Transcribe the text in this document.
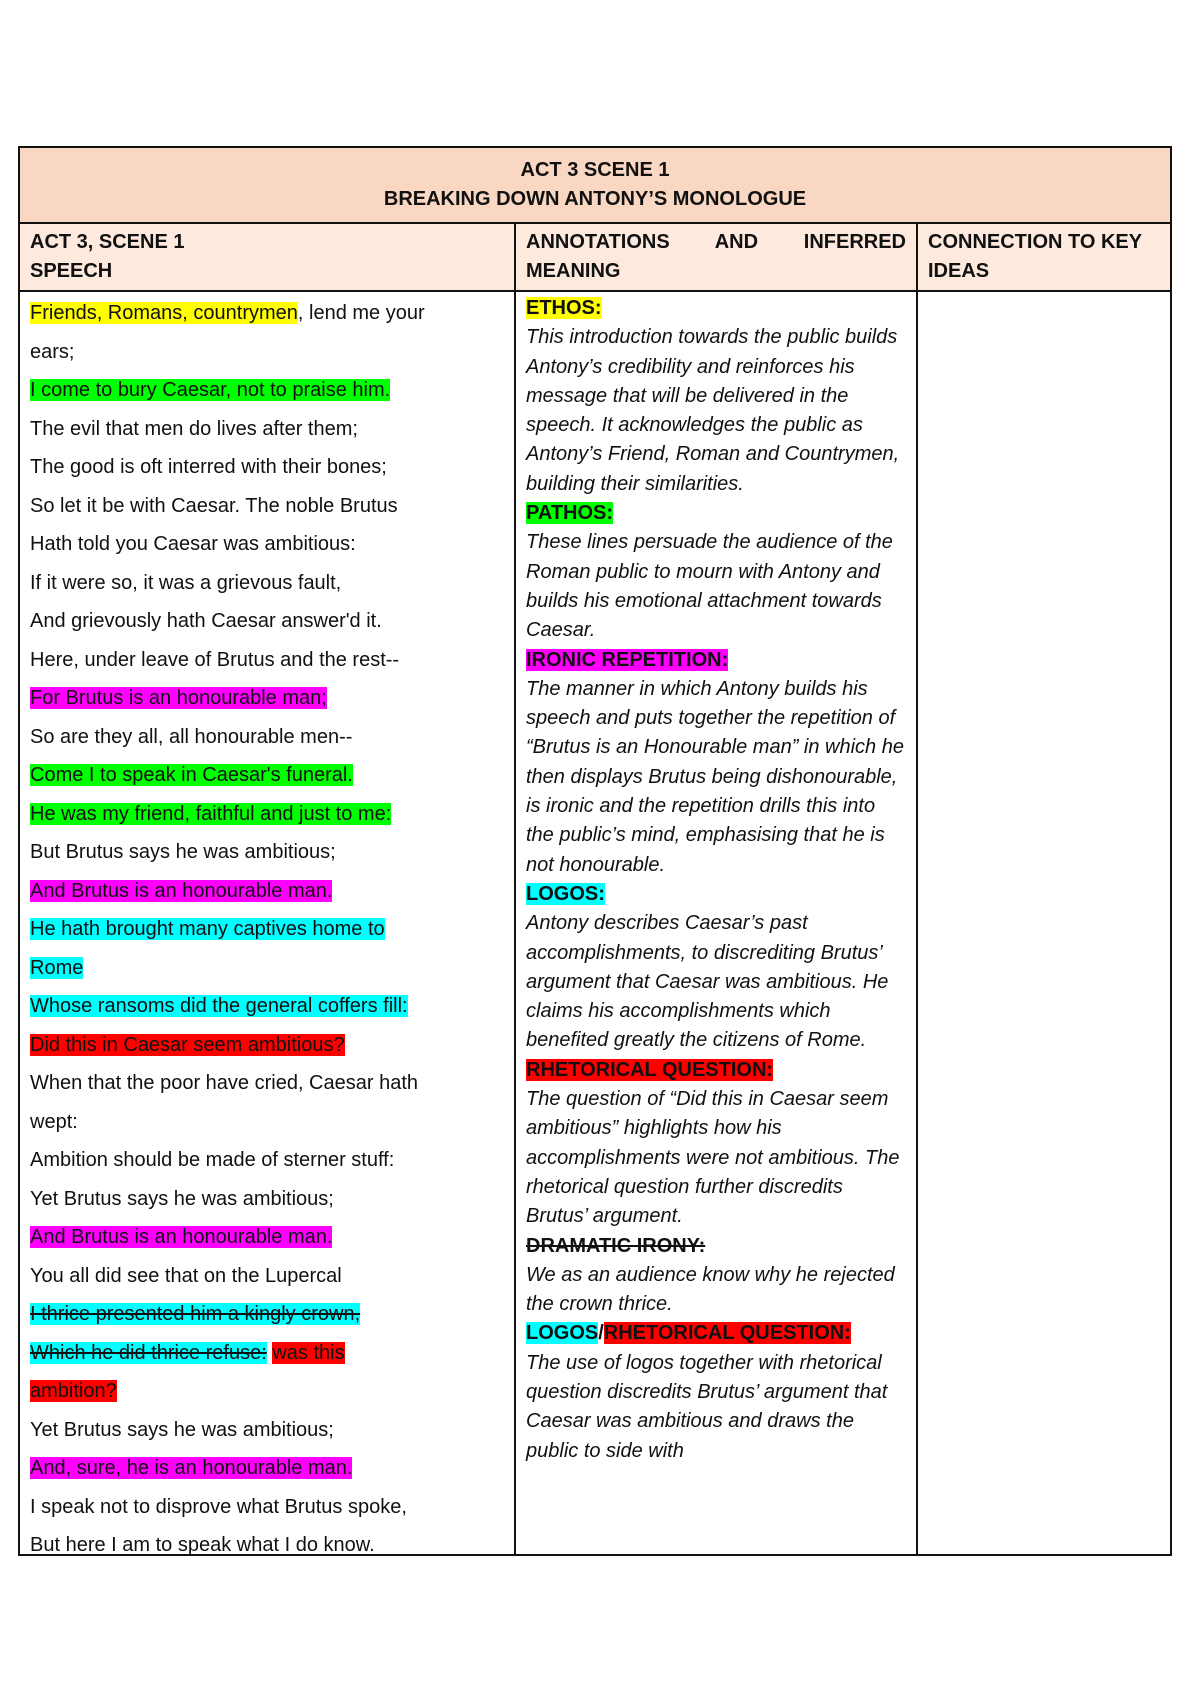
ACT 3 SCENE 1
BREAKING DOWN ANTONY’S MONOLOGUE
ACT 3, SCENE 1
SPEECH
ANNOTATIONS AND INFERRED
MEANING
CONNECTION TO KEY
IDEAS
Friends, Romans, countrymen, lend me your
ears;
I come to bury Caesar, not to praise him.
The evil that men do lives after them;
The good is oft interred with their bones;
So let it be with Caesar. The noble Brutus
Hath told you Caesar was ambitious:
If it were so, it was a grievous fault,
And grievously hath Caesar answer'd it.
Here, under leave of Brutus and the rest--
For Brutus is an honourable man;
So are they all, all honourable men--
Come I to speak in Caesar's funeral.
He was my friend, faithful and just to me:
But Brutus says he was ambitious;
And Brutus is an honourable man.
He hath brought many captives home to
Rome
Whose ransoms did the general coffers fill:
Did this in Caesar seem ambitious?
When that the poor have cried, Caesar hath
wept:
Ambition should be made of sterner stuff:
Yet Brutus says he was ambitious;
And Brutus is an honourable man.
You all did see that on the Lupercal
I thrice presented him a kingly crown,
Which he did thrice refuse: was this
ambition?
Yet Brutus says he was ambitious;
And, sure, he is an honourable man.
I speak not to disprove what Brutus spoke,
But here I am to speak what I do know.
ETHOS:
This introduction towards the public builds Antony’s credibility and reinforces his message that will be delivered in the speech. It acknowledges the public as Antony’s Friend, Roman and Countrymen, building their similarities.
PATHOS:
These lines persuade the audience of the Roman public to mourn with Antony and builds his emotional attachment towards Caesar.
IRONIC REPETITION:
The manner in which Antony builds his speech and puts together the repetition of “Brutus is an Honourable man” in which he then displays Brutus being dishonourable, is ironic and the repetition drills this into the public’s mind, emphasising that he is not honourable.
LOGOS:
Antony describes Caesar’s past accomplishments, to discrediting Brutus’ argument that Caesar was ambitious. He claims his accomplishments which benefited greatly the citizens of Rome.
RHETORICAL QUESTION:
The question of “Did this in Caesar seem ambitious” highlights how his accomplishments were not ambitious. The rhetorical question further discredits Brutus’ argument.
DRAMATIC IRONY:
We as an audience know why he rejected the crown thrice.
LOGOS/RHETORICAL QUESTION:
The use of logos together with rhetorical question discredits Brutus’ argument that Caesar was ambitious and draws the public to side with
